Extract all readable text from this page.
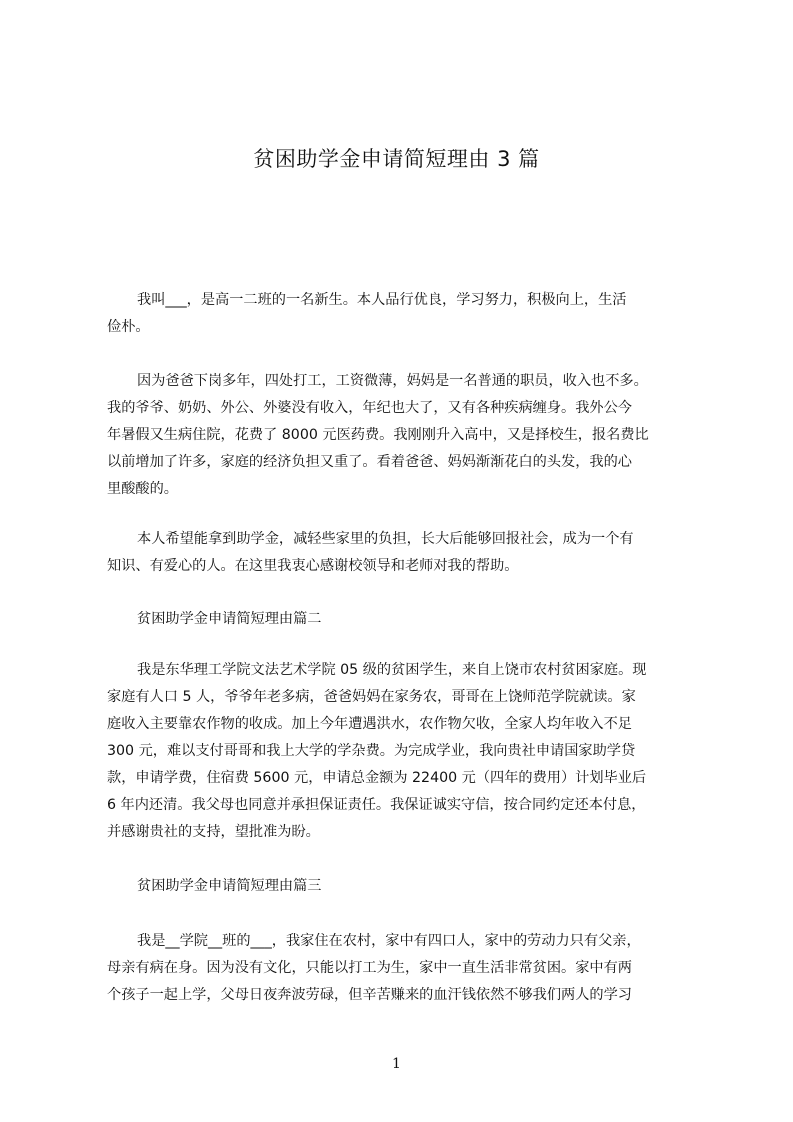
贫困助学金申请简短理由 3 篇
我叫___，是高一二班的一名新生。本人品行优良，学习努力，积极向上，生活
俭朴。
因为爸爸下岗多年，四处打工，工资微薄，妈妈是一名普通的职员，收入也不多。
我的爷爷、奶奶、外公、外婆没有收入，年纪也大了，又有各种疾病缠身。我外公今
年暑假又生病住院，花费了 8000 元医药费。我刚刚升入高中，又是择校生，报名费比
以前增加了许多，家庭的经济负担又重了。看着爸爸、妈妈渐渐花白的头发，我的心
里酸酸的。
本人希望能拿到助学金，减轻些家里的负担，长大后能够回报社会，成为一个有
知识、有爱心的人。在这里我衷心感谢校领导和老师对我的帮助。
贫困助学金申请简短理由篇二
我是东华理工学院文法艺术学院 05 级的贫困学生，来自上饶市农村贫困家庭。现
家庭有人口 5 人，爷爷年老多病，爸爸妈妈在家务农，哥哥在上饶师范学院就读。家
庭收入主要靠农作物的收成。加上今年遭遇洪水，农作物欠收，全家人均年收入不足
300 元，难以支付哥哥和我上大学的学杂费。为完成学业，我向贵社申请国家助学贷
款，申请学费，住宿费 5600 元，申请总金额为 22400 元（四年的费用）计划毕业后
6 年内还清。我父母也同意并承担保证责任。我保证诚实守信，按合同约定还本付息，
并感谢贵社的支持，望批准为盼。
贫困助学金申请简短理由篇三
我是__学院__班的___，我家住在农村，家中有四口人，家中的劳动力只有父亲，
母亲有病在身。因为没有文化，只能以打工为生，家中一直生活非常贫困。家中有两
个孩子一起上学，父母日夜奔波劳碌，但辛苦赚来的血汗钱依然不够我们两人的学习
1
